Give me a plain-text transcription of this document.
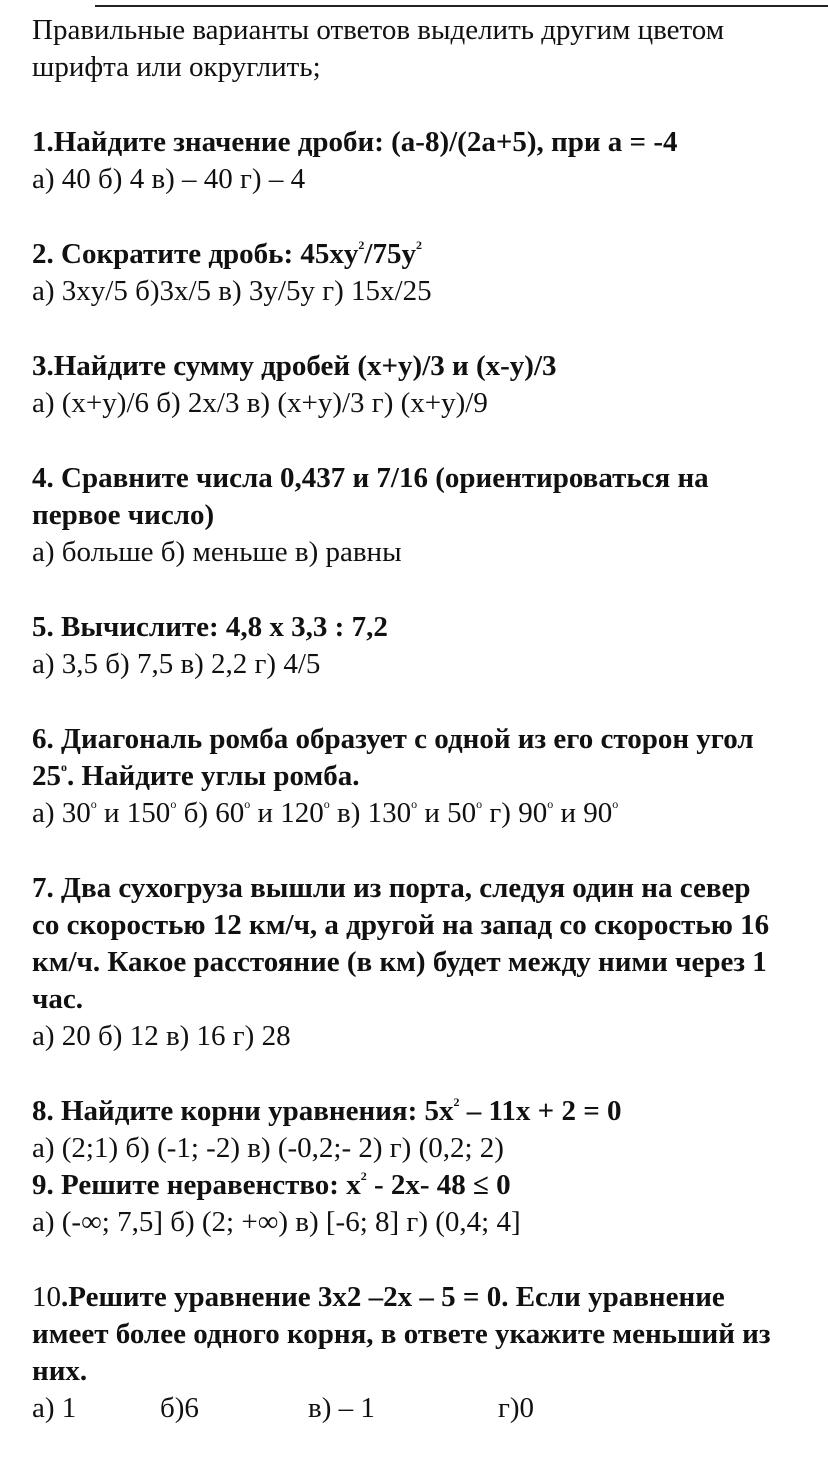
Правильные варианты ответов выделить другим цветом
шрифта или округлить;
1.Найдите значение дроби: (a-8)/(2a+5), при а = -4
а) 40 б) 4 в) – 40 г) – 4
2. Сократите дробь: $45xy^2/75y^2$
а) 3xy/5 б)3x/5 в) 3y/5y г) 15x/25
3.Найдите сумму дробей (x+y)/3 и (x-y)/3
а) (x+y)/6 б) 2x/3 в) (x+y)/3 г) (x+y)/9
4. Сравните числа 0,437 и 7/16 (ориентироваться на
первое число)
а) больше б) меньше в) равны
5. Вычислите: 4,8 х 3,3 : 7,2
а) 3,5 б) 7,5 в) 2,2 г) 4/5
6. Диагональ ромба образует с одной из его сторон угол
25$^o$. Найдите углы ромба.
а) 30$^o$ и 150$^o$ б) 60$^o$ и 120$^o$ в) 130$^o$ и 50$^o$ г) 90$^o$ и 90$^o$
7. Два сухогруза вышли из порта, следуя один на север
со скоростью 12 км/ч, а другой на запад со скоростью 16
км/ч. Какое расстояние (в км) будет между ними через 1
час.
а) 20 б) 12 в) 16 г) 28
8. Найдите корни уравнения: $5x^2 - 11x + 2 = 0$
а) (2;1) б) (-1; -2) в) (-0,2;- 2) г) (0,2; 2)
9. Решите неравенство: $x^2 - 2x-$ 48 ≤ 0
а) (-∞; 7,5] б) (2; +∞) в) [-6; 8] г) (0,4; 4]
10.Решите уравнение 3x2 –2x – 5 = 0. Если уравнение
имеет более одного корня, в ответе укажите меньший из
них.
а) 1	б)6	в) – 1	г)0
